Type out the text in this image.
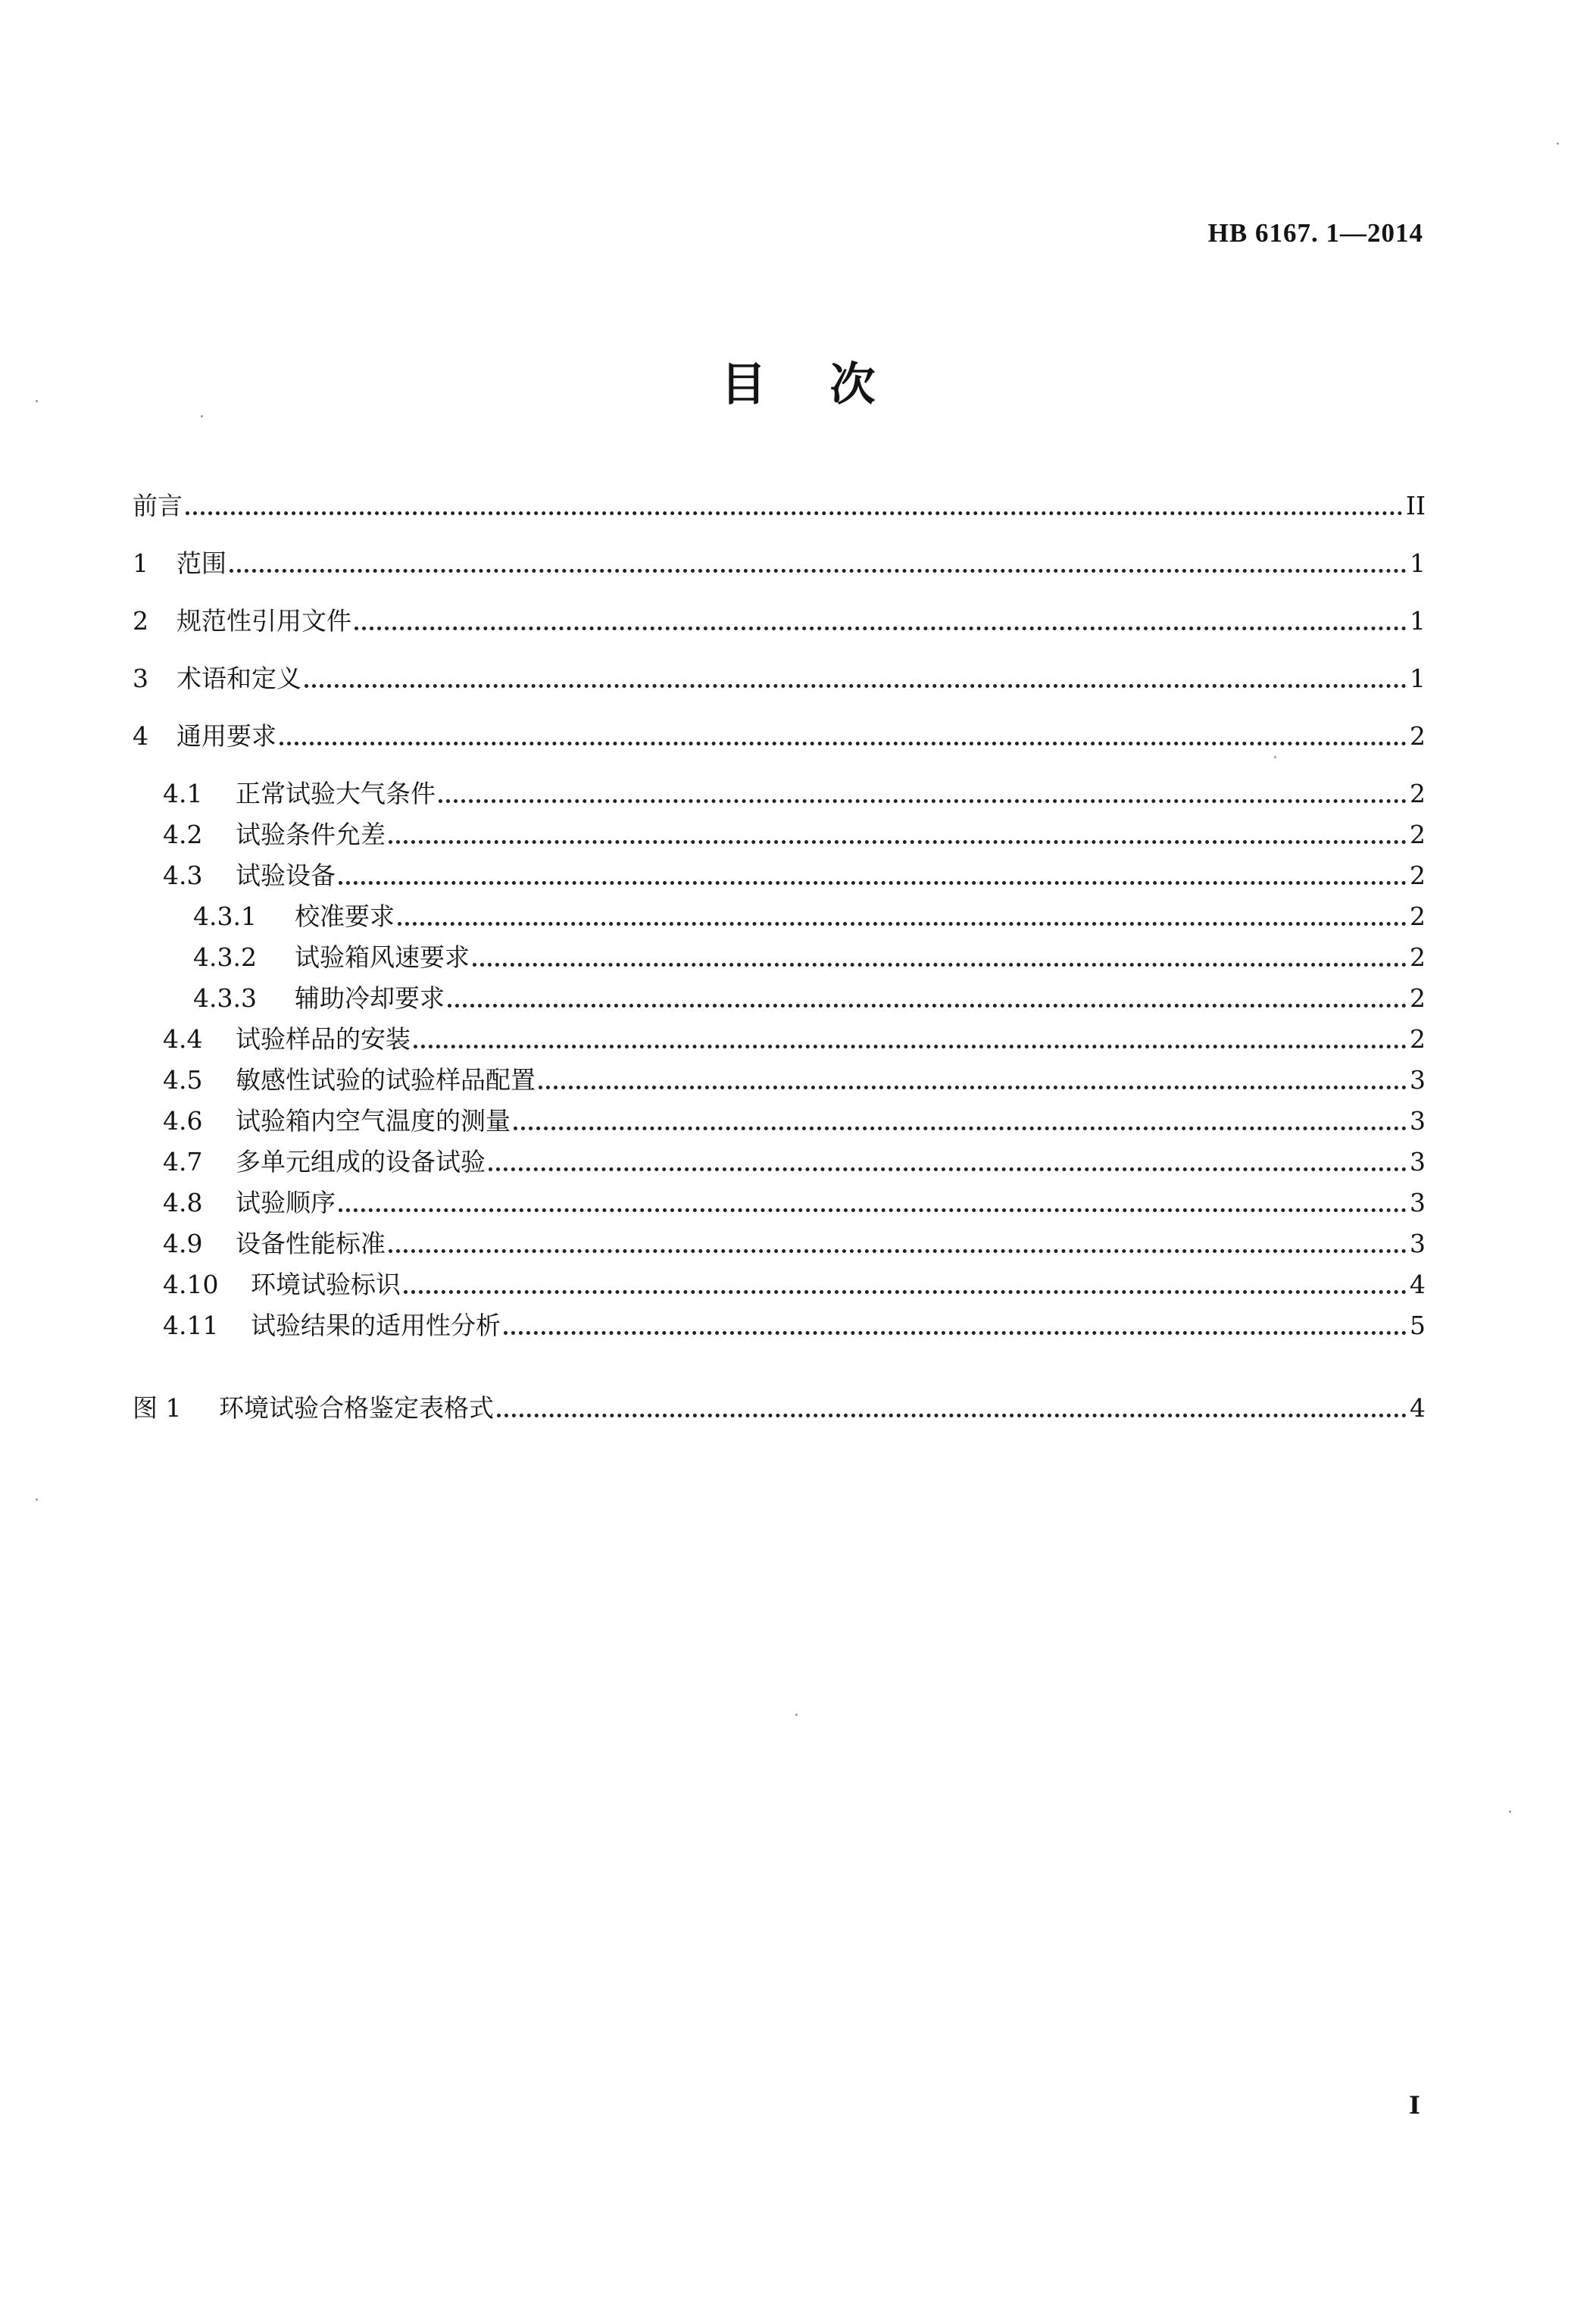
HB 6167. 1—2014
目 次
前言	II
1	范围	1
2	规范性引用文件	1
3	术语和定义	1
4	通用要求	2
4.1	正常试验大气条件	2
4.2	试验条件允差	2
4.3	试验设备	2
4.3.1	校准要求	2
4.3.2	试验箱风速要求	2
4.3.3	辅助冷却要求	2
4.4	试验样品的安装	2
4.5	敏感性试验的试验样品配置	3
4.6	试验箱内空气温度的测量	3
4.7	多单元组成的设备试验	3
4.8	试验顺序	3
4.9	设备性能标准	3
4.10	环境试验标识	4
4.11	试验结果的适用性分析	5
图 1	环境试验合格鉴定表格式	4
I
